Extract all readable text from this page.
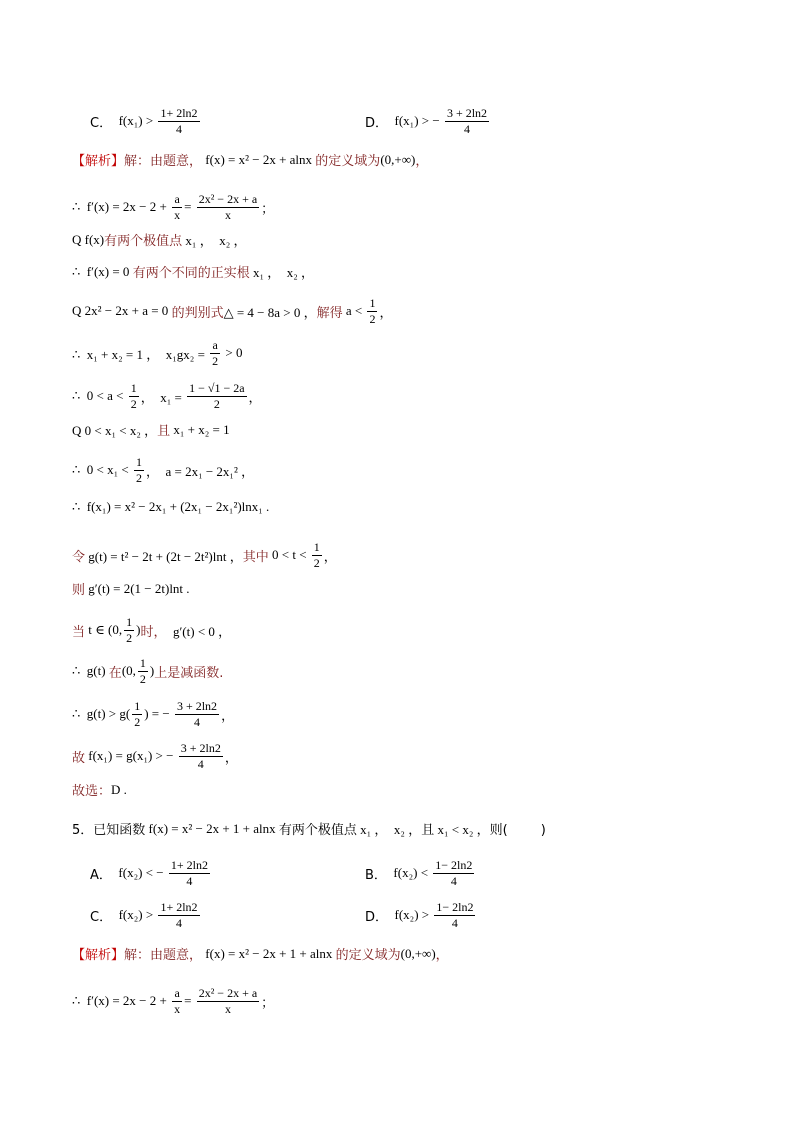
C． $f(x_1) > \frac{1+ 2\ln 2}{4}$	D． f(x₁) > − $\frac{3 + 2\ln 2}{4}$
【解析】 解：由题意， f(x) = x² − 2x + alnx 的定义域为 (0,+∞) ，
∴  $f'(x) = 2x - 2 + \frac{a}{x} = \frac{\text{2x² − 2x + a}}{x}$ ；
Q f(x) 有两个极值点 x₁ ，  x₂ ，
∴  f′(x) = 0 有两个不同的正实根 x₁ ，  x₂ ，
Q 2x² − 2x + a = 0 的判别式 △ = 4 − 8a > 0 ， 解得 $a < \frac{1}{2}$ ，
∴  x₁ + x₂ = 1 ，  $x_1gx_2 = \frac{a}{2} > 0$
∴  $0 < a < \frac{1}{2}$ ，  $x_1 = \frac{1 - √1 - 2a}{2}$ ，
Q 0 < x₁ < x₂ ， 且 x₁ + x₂ = 1
∴  $0 < x_1 < \frac{1}{2}$ ，  a = 2x₁ − 2x₁² ，
∴  f(x₁) = x² − 2x₁ + (2x₁ − 2x₁²)lnx₁ .
令 g(t) = t² − 2t + (2t − 2t²)lnt ， 其中 $0 < t < \frac{1}{2}$ ，
则 g′(t) = 2(1 − 2t)lnt .
当 t ∈ (0, $\frac{1}{2}$ ) 时， g′(t) < 0 ，
∴  g(t) 在 (0, $\frac{1}{2}$ ) 上是减函数.
∴  $g(t) > g( \frac{1}{2}$ ) = − $\frac{3 + 2\ln 2}{4}$ ，
故 f(x₁) = g(x₁) > − $\frac{3 + 2\ln 2}{4}$ ，
故选： D .
5．已知函数 f(x) = x² − 2x + 1 + alnx 有两个极值点 x₁ ，  x₂ ， 且 x₁ < x₂ ， 则(        )
A． f(x₂) < − $\frac{1+ 2\ln 2}{4}$	B． $f(x_2) < \frac{1- 2\ln 2}{4}$
C． $f(x_2) > \frac{1+ 2\ln 2}{4}$	D． $f(x_2) > \frac{1- 2\ln 2}{4}$
【解析】 解：由题意， f(x) = x² − 2x + 1 + alnx 的定义域为 (0,+∞) ，
∴  $f'(x) = 2x - 2 + \frac{a}{x} = \frac{\text{2x² − 2x + a}}{x}$ ；
